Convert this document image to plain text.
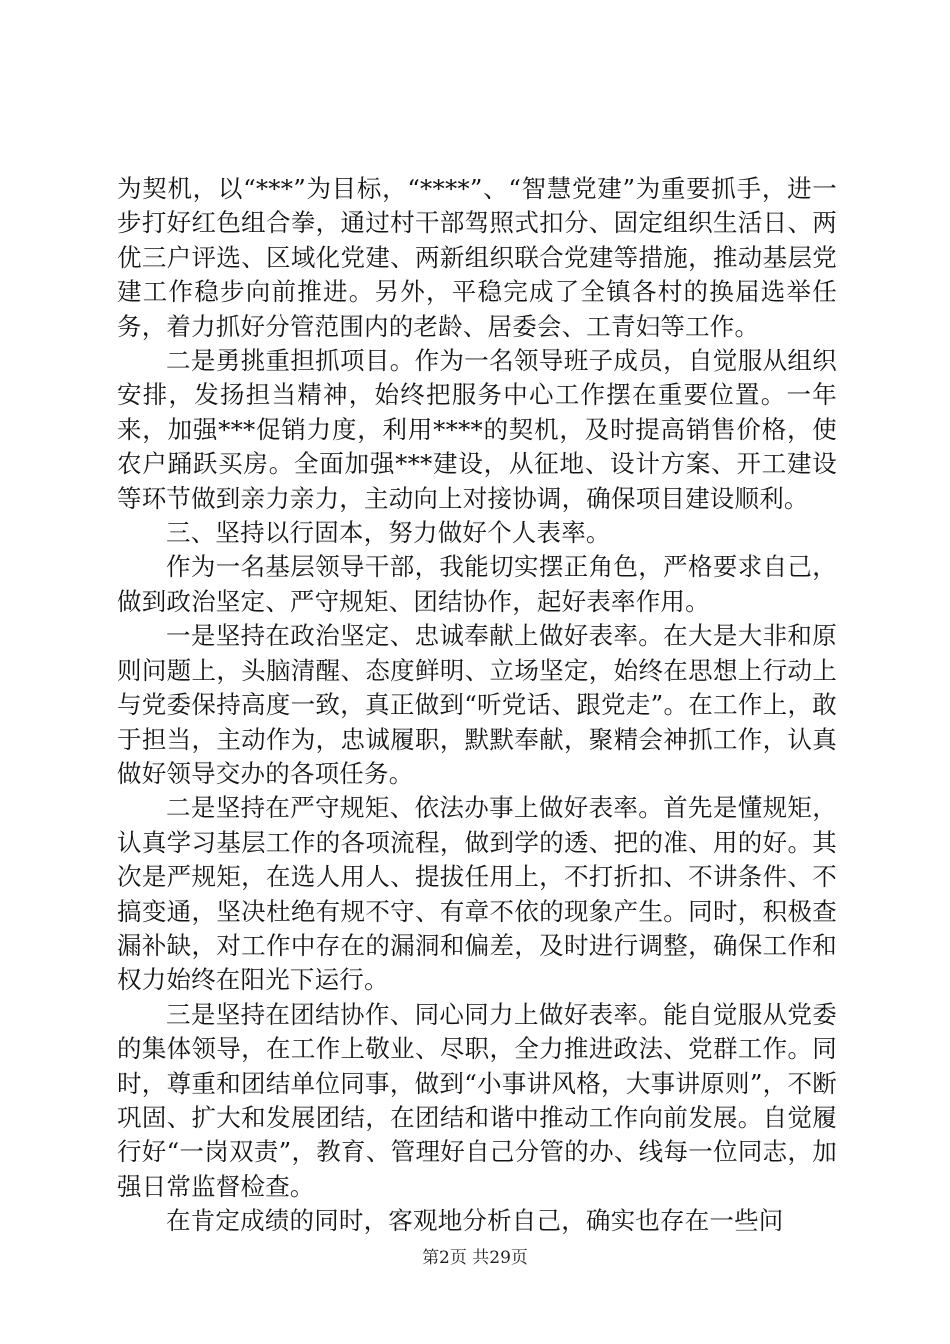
为契机，以“***”为目标，“****”、“智慧党建”为重要抓手，进一步打好红色组合拳，通过村干部驾照式扣分、固定组织生活日、两优三户评选、区域化党建、两新组织联合党建等措施，推动基层党建工作稳步向前推进。另外，平稳完成了全镇各村的换届选举任务，着力抓好分管范围内的老龄、居委会、工青妇等工作。

二是勇挑重担抓项目。作为一名领导班子成员，自觉服从组织安排，发扬担当精神，始终把服务中心工作摆在重要位置。一年来，加强***促销力度，利用****的契机，及时提高销售价格，使农户踊跃买房。全面加强***建设，从征地、设计方案、开工建设等环节做到亲力亲力，主动向上对接协调，确保项目建设顺利。

三、坚持以行固本，努力做好个人表率。

作为一名基层领导干部，我能切实摆正角色，严格要求自己，做到政治坚定、严守规矩、团结协作，起好表率作用。

一是坚持在政治坚定、忠诚奉献上做好表率。在大是大非和原则问题上，头脑清醒、态度鲜明、立场坚定，始终在思想上行动上与党委保持高度一致，真正做到“听党话、跟党走”。在工作上，敢于担当，主动作为，忠诚履职，默默奉献，聚精会神抓工作，认真做好领导交办的各项任务。

二是坚持在严守规矩、依法办事上做好表率。首先是懂规矩，认真学习基层工作的各项流程，做到学的透、把的准、用的好。其次是严规矩，在选人用人、提拔任用上，不打折扣、不讲条件、不搞变通，坚决杜绝有规不守、有章不依的现象产生。同时，积极查漏补缺，对工作中存在的漏洞和偏差，及时进行调整，确保工作和权力始终在阳光下运行。

三是坚持在团结协作、同心同力上做好表率。能自觉服从党委的集体领导，在工作上敬业、尽职，全力推进政法、党群工作。同时，尊重和团结单位同事，做到“小事讲风格，大事讲原则”，不断巩固、扩大和发展团结，在团结和谐中推动工作向前发展。自觉履行好“一岗双责”，教育、管理好自己分管的办、线每一位同志，加强日常监督检查。

在肯定成绩的同时，客观地分析自己，确实也存在一些问

第2页 共29页
